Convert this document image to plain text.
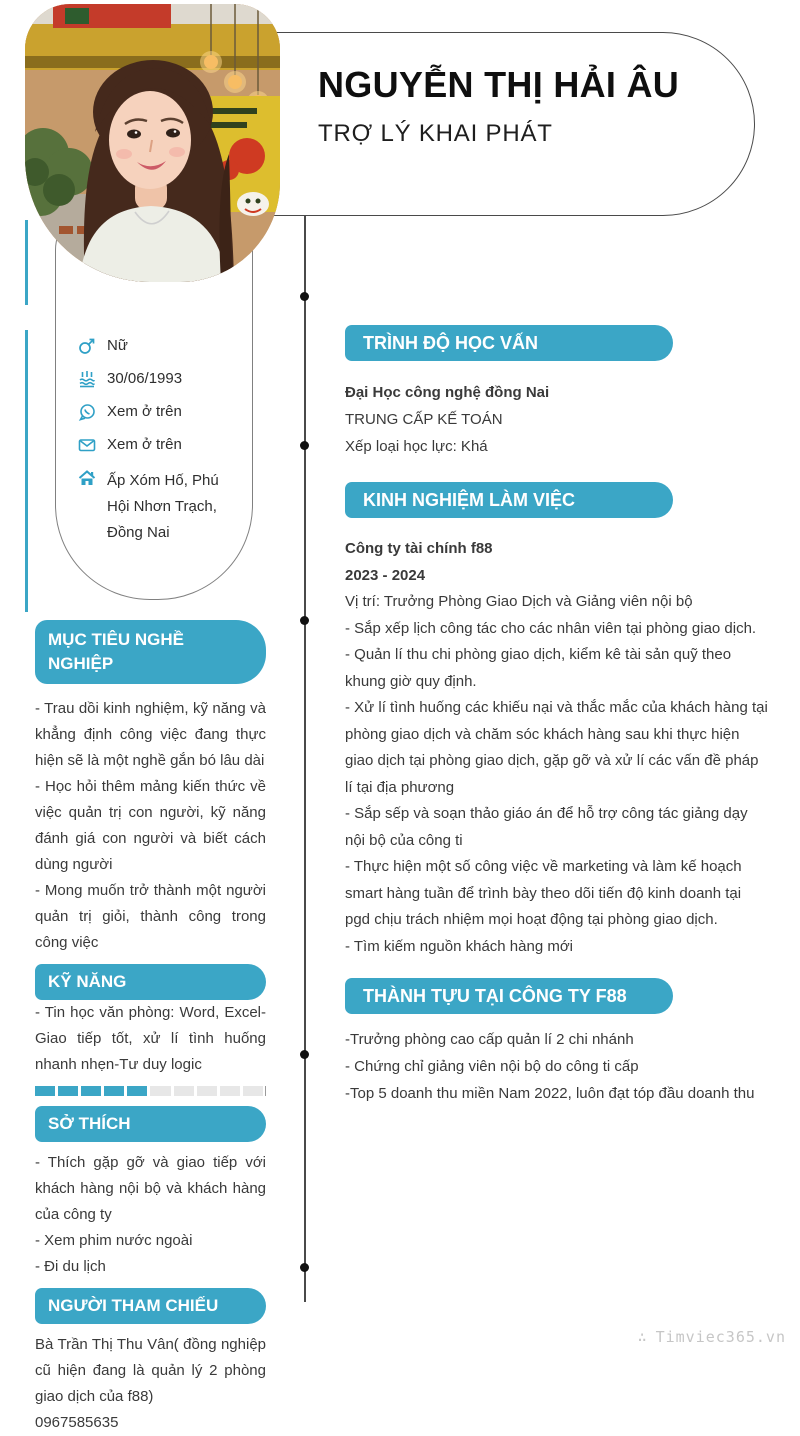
NGUYỄN THỊ HẢI ÂU
TRỢ LÝ KHAI PHÁT
Nữ
30/06/1993
Xem ở trên
Xem ở trên
Ấp Xóm Hố, Phú Hội Nhơn Trạch, Đồng Nai
MỤC TIÊU NGHỀ NGHIỆP

- Trau dồi kinh nghiệm, kỹ năng và khẳng định công việc đang thực hiện sẽ là một nghề gắn bó lâu dài

- Học hỏi thêm mảng kiến thức về việc quản trị con người, kỹ năng đánh giá con người và biết cách dùng người

- Mong muốn trở thành một người quản trị giỏi, thành công trong công việc

KỸ NĂNG

- Tin học văn phòng: Word, Excel- Giao tiếp tốt, xử lí tình huống nhanh nhẹn-Tư duy logic

SỞ THÍCH

- Thích gặp gỡ và giao tiếp với khách hàng nội bộ và khách hàng của công ty

- Xem phim nước ngoài

- Đi du lịch

NGƯỜI THAM CHIẾU

Bà Trần Thị Thu Vân( đồng nghiệp cũ hiện đang là quản lý 2 phòng giao dịch của f88)

0967585635

TRÌNH ĐỘ HỌC VẤN

Đại Học công nghệ đồng Nai

TRUNG CẤP KẾ TOÁN

Xếp loại học lực: Khá

KINH NGHIỆM LÀM VIỆC

Công ty tài chính f88

2023 - 2024

Vị trí: Trưởng Phòng Giao Dịch và Giảng viên nội bộ

- Sắp xếp lịch công tác cho các nhân viên tại phòng giao dịch.

- Quản lí thu chi phòng giao dịch, kiểm kê tài sản quỹ theo khung giờ quy định.

- Xử lí tình huống các khiếu nại và thắc mắc của khách hàng tại phòng giao dịch và chăm sóc khách hàng sau khi thực hiện giao dịch tại phòng giao dịch, gặp gỡ và xử lí các vấn đề pháp lí tại địa phương

- Sắp sếp và soạn thảo giáo án để hỗ trợ công tác giảng dạy nội bộ của công ti

- Thực hiện một số công việc về marketing và làm kế hoạch smart hàng tuần để trình bày theo dõi tiến độ kinh doanh tại pgd chịu trách nhiệm mọi hoạt động tại phòng giao dịch.

- Tìm kiếm nguồn khách hàng mới

THÀNH TỰU TẠI CÔNG TY F88

-Trưởng phòng cao cấp quản lí 2 chi nhánh

- Chứng chỉ giảng viên nội bộ do công ti cấp

-Top 5 doanh thu miền Nam 2022, luôn đạt tóp đầu doanh thu

∴ Timviec365.vn
